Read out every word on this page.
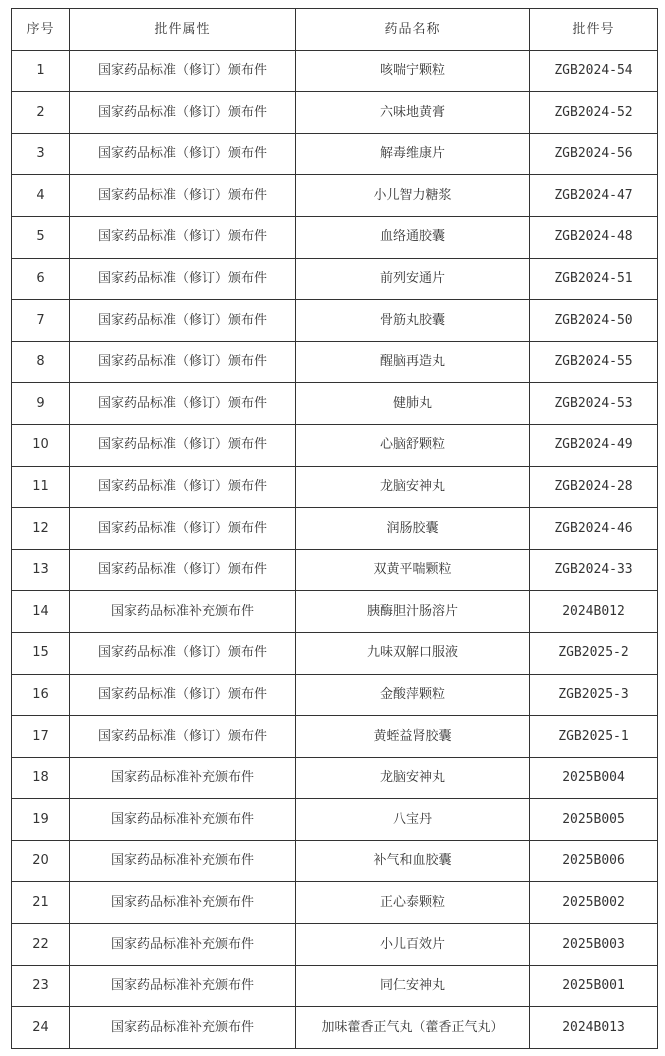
序号	批件属性	药品名称	批件号
1	国家药品标准（修订）颁布件	咳喘宁颗粒	ZGB2024-54
2	国家药品标准（修订）颁布件	六味地黄膏	ZGB2024-52
3	国家药品标准（修订）颁布件	解毒维康片	ZGB2024-56
4	国家药品标准（修订）颁布件	小儿智力糖浆	ZGB2024-47
5	国家药品标准（修订）颁布件	血络通胶囊	ZGB2024-48
6	国家药品标准（修订）颁布件	前列安通片	ZGB2024-51
7	国家药品标准（修订）颁布件	骨筋丸胶囊	ZGB2024-50
8	国家药品标准（修订）颁布件	醒脑再造丸	ZGB2024-55
9	国家药品标准（修订）颁布件	健肺丸	ZGB2024-53
10	国家药品标准（修订）颁布件	心脑舒颗粒	ZGB2024-49
11	国家药品标准（修订）颁布件	龙脑安神丸	ZGB2024-28
12	国家药品标准（修订）颁布件	润肠胶囊	ZGB2024-46
13	国家药品标准（修订）颁布件	双黄平喘颗粒	ZGB2024-33
14	国家药品标准补充颁布件	胰酶胆汁肠溶片	2024B012
15	国家药品标准（修订）颁布件	九味双解口服液	ZGB2025-2
16	国家药品标准（修订）颁布件	金酸萍颗粒	ZGB2025-3
17	国家药品标准（修订）颁布件	黄蛭益肾胶囊	ZGB2025-1
18	国家药品标准补充颁布件	龙脑安神丸	2025B004
19	国家药品标准补充颁布件	八宝丹	2025B005
20	国家药品标准补充颁布件	补气和血胶囊	2025B006
21	国家药品标准补充颁布件	正心泰颗粒	2025B002
22	国家药品标准补充颁布件	小儿百效片	2025B003
23	国家药品标准补充颁布件	同仁安神丸	2025B001
24	国家药品标准补充颁布件	加味藿香正气丸（藿香正气丸）	2024B013
